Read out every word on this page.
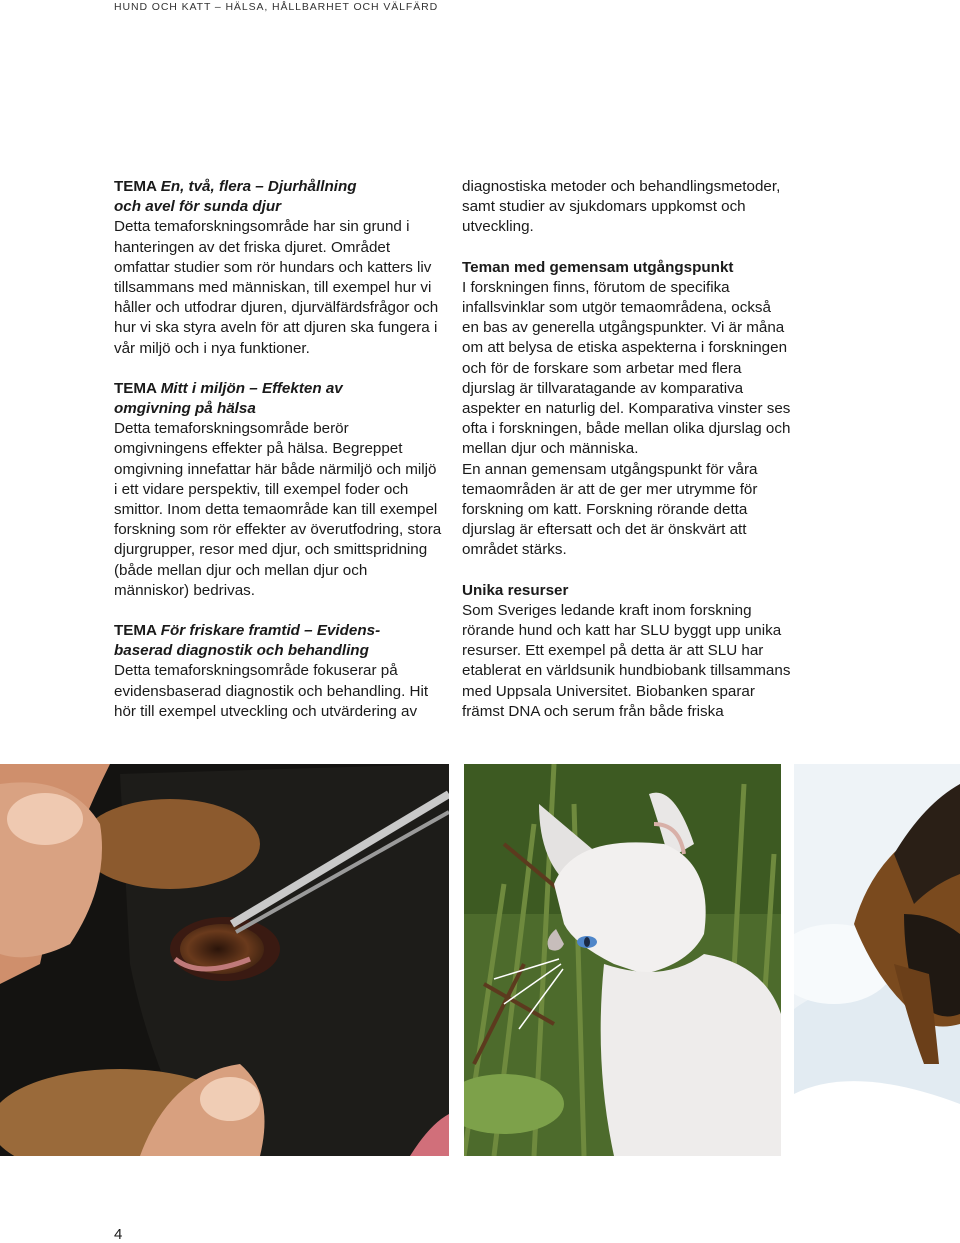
HUND OCH KATT – HÄLSA, HÅLLBARHET OCH VÄLFÄRD

TEMA En, två, flera – Djurhållning
och avel för sunda djur

Detta temaforskningsområde har sin grund i hanteringen av det friska djuret. Området omfattar studier som rör hundars och katters liv tillsammans med människan, till exempel hur vi håller och utfodrar djuren, djurvälfärdsfrågor och hur vi ska styra aveln för att djuren ska fungera i vår miljö och i nya funktioner.

TEMA Mitt i miljön – Effekten av
omgivning på hälsa

Detta temaforskningsområde berör omgivningens effekter på hälsa. Begreppet omgivning innefattar här både närmiljö och miljö i ett vidare perspektiv, till exempel foder och smittor. Inom detta temaområde kan till exempel forskning som rör effekter av överutfodring, stora djurgrupper, resor med djur, och smittspridning (både mellan djur och mellan djur och människor) bedrivas.

TEMA För friskare framtid – Evidens-
baserad diagnostik och behandling

Detta temaforskningsområde fokuserar på evidensbaserad diagnostik och behandling. Hit hör till exempel utveckling och utvärdering av

diagnostiska metoder och behandlingsmetoder, samt studier av sjukdomars uppkomst och utveckling.

Teman med gemensam utgångspunkt

I forskningen finns, förutom de specifika infallsvinklar som utgör temaområdena, också en bas av generella utgångspunkter. Vi är måna om att belysa de etiska aspekterna i forskningen och för de forskare som arbetar med flera djurslag är tillvaratagande av komparativa aspekter en naturlig del. Komparativa vinster ses ofta i forskningen, både mellan olika djurslag och mellan djur och människa.

En annan gemensam utgångspunkt för våra temaområden är att de ger mer utrymme för forskning om katt. Forskning rörande detta djurslag är eftersatt och det är önskvärt att området stärks.

Unika resurser

Som Sveriges ledande kraft inom forskning rörande hund och katt har SLU byggt upp unika resurser. Ett exempel på detta är att SLU har etablerat en världsunik hundbiobank tillsammans med Uppsala Universitet. Biobanken sparar främst DNA och serum från både friska

4
